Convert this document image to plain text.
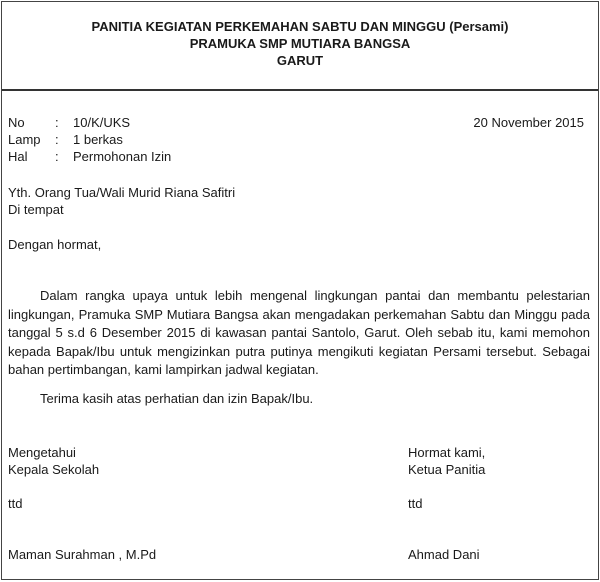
PANITIA KEGIATAN PERKEMAHAN SABTU DAN MINGGU (Persami)
PRAMUKA SMP MUTIARA BANGSA
GARUT
No : 10/K/UKS	20 November 2015
Lamp : 1 berkas
Hal : Permohonan Izin
Yth. Orang Tua/Wali Murid Riana Safitri
Di tempat
Dengan hormat,
Dalam rangka upaya untuk lebih mengenal lingkungan pantai dan membantu pelestarian lingkungan, Pramuka SMP Mutiara Bangsa akan mengadakan perkemahan Sabtu dan Minggu pada tanggal 5 s.d 6 Desember 2015 di kawasan pantai Santolo, Garut. Oleh sebab itu, kami memohon kepada Bapak/Ibu untuk mengizinkan putra putinya mengikuti kegiatan Persami tersebut. Sebagai bahan pertimbangan, kami lampirkan jadwal kegiatan.
Terima kasih atas perhatian dan izin Bapak/Ibu.
Mengetahui
Kepala Sekolah
ttd
Maman Surahman , M.Pd
Hormat kami,
Ketua Panitia
ttd
Ahmad Dani
